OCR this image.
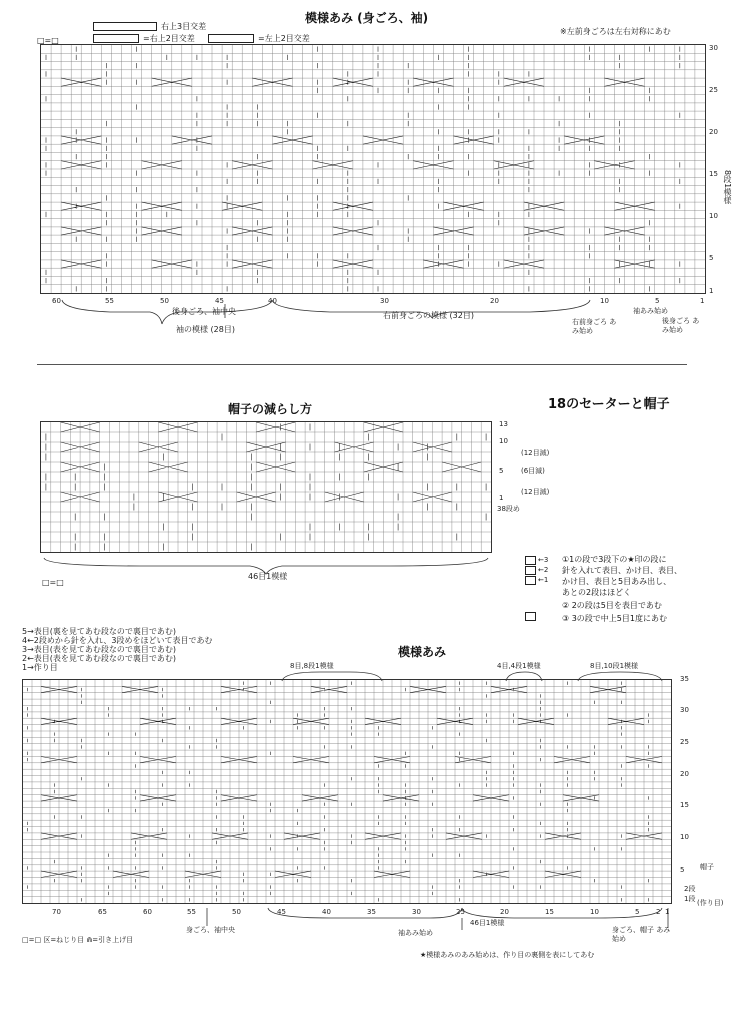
模様あみ (身ごろ、袖)
※左前身ごろは左右対称にあむ
右上3目交差
□=□	=右上2目交差	=左上2目交差
30
25
20
15
10
5
1
60	55	50	45	40	30	20	10	5	1
8段1模様
後身ごろ、袖中央
袖の模様 (28目)
右前身ごろの模様 (32目)
右前身ごろ あみ始め
袖あみ始め
後身ごろ あみ始め
帽子の減らし方	18のセーターと帽子
13
10
5
1
(12目減)
(6目減)
(12目減)
38段め
46目1模様
□=□
←3
←2
←1
①1の段で3段下の★印の段に
針を入れて表目、かけ目、表目、
かけ目、表目と5目あみ出し、
あとの2段はほどく
② 2の段は5目を表目であむ
③ 3の段で中上5目1度にあむ
5→表目(裏を見てあむ段なので裏目であむ)
4←2段めから針を入れ、3段めをほどいて表目であむ
3→表目(表を見てあむ段なので裏目であむ)
2←表目(表を見てあむ段なので裏目であむ)
1→作り目
模様あみ
8目,8段1模様	4目,4段1模様	8目,10段1模様
35
30
25
20
15
10
5
2段
1段
70	65	60	55	50	45	40	35	30	25	20	15	10	5 2 1
帽子
(作り目)
身ごろ、袖中央	袖あみ始め
46目1模様
身ごろ、帽子 あみ始め
□=□ 区=ねじり目 ⋒=引き上げ目
★模様あみのあみ始めは、作り目の裏側を表にしてあむ
